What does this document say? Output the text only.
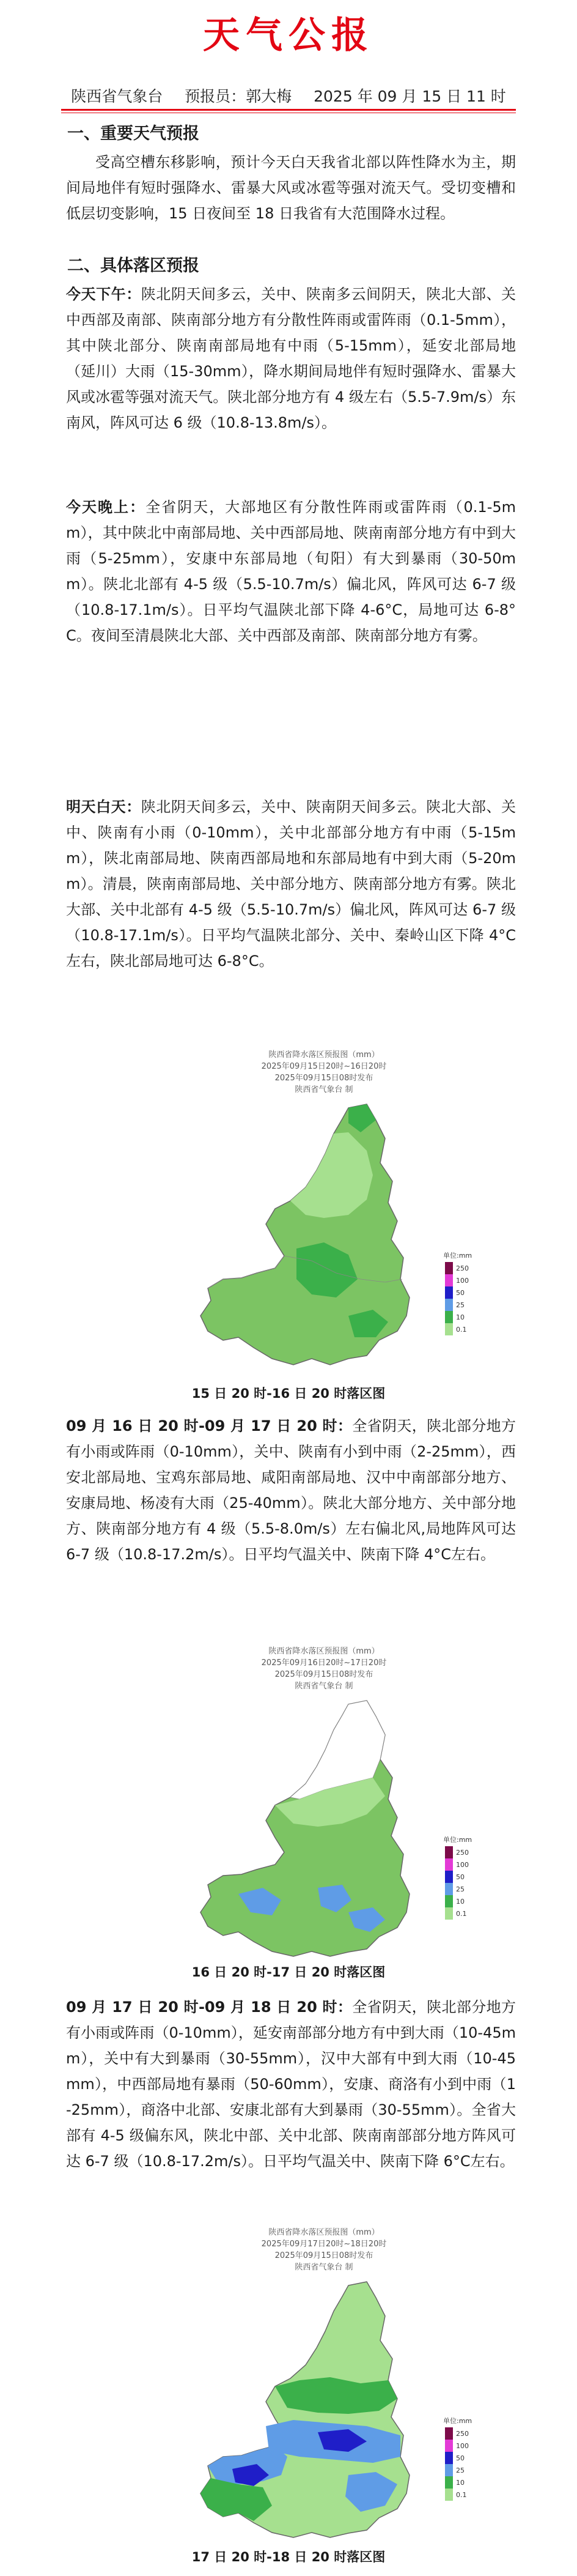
天气公报
陕西省气象台 预报员：郭大梅 2025 年 09 月 15 日 11 时
一、重要天气预报
受高空槽东移影响，预计今天白天我省北部以阵性降水为主，期间局地伴有短时强降水、雷暴大风或冰雹等强对流天气。受切变槽和低层切变影响，15 日夜间至 18 日我省有大范围降水过程。
二、具体落区预报
今天下午：陕北阴天间多云，关中、陕南多云间阴天，陕北大部、关中西部及南部、陕南部分地方有分散性阵雨或雷阵雨（0.1-5mm），其中陕北部分、陕南南部局地有中雨（5-15mm），延安北部局地（延川）大雨（15-30mm），降水期间局地伴有短时强降水、雷暴大风或冰雹等强对流天气。陕北部分地方有 4 级左右（5.5-7.9m/s）东南风，阵风可达 6 级（10.8-13.8m/s）。
今天晚上：全省阴天，大部地区有分散性阵雨或雷阵雨（0.1-5mm），其中陕北中南部局地、关中西部局地、陕南南部分地方有中到大雨（5-25mm），安康中东部局地（旬阳）有大到暴雨（30-50mm）。陕北北部有 4-5 级（5.5-10.7m/s）偏北风，阵风可达 6-7 级（10.8-17.1m/s）。日平均气温陕北部下降 4-6°C，局地可达 6-8°C。夜间至清晨陕北大部、关中西部及南部、陕南部分地方有雾。
明天白天：陕北阴天间多云，关中、陕南阴天间多云。陕北大部、关中、陕南有小雨（0-10mm），关中北部部分地方有中雨（5-15mm），陕北南部局地、陕南西部局地和东部局地有中到大雨（5-20mm）。清晨，陕南南部局地、关中部分地方、陕南部分地方有雾。陕北大部、关中北部有 4-5 级（5.5-10.7m/s）偏北风，阵风可达 6-7 级（10.8-17.1m/s）。日平均气温陕北部分、关中、秦岭山区下降 4°C左右，陕北部局地可达 6-8°C。
陕西省降水落区预报图（mm）
2025年09月15日20时~16日20时
2025年09月15日08时发布
陕西省气象台 制
单位:mm
250
100
50
25
10
0.1
15 日 20 时-16 日 20 时落区图
09 月 16 日 20 时-09 月 17 日 20 时：全省阴天，陕北部分地方有小雨或阵雨（0-10mm），关中、陕南有小到中雨（2-25mm），西安北部局地、宝鸡东部局地、咸阳南部局地、汉中中南部部分地方、安康局地、杨凌有大雨（25-40mm）。陕北大部分地方、关中部分地方、陕南部分地方有 4 级（5.5-8.0m/s）左右偏北风,局地阵风可达 6-7 级（10.8-17.2m/s）。日平均气温关中、陕南下降 4°C左右。
陕西省降水落区预报图（mm）
2025年09月16日20时~17日20时
2025年09月15日08时发布
陕西省气象台 制
单位:mm
250
100
50
25
10
0.1
16 日 20 时-17 日 20 时落区图
09 月 17 日 20 时-09 月 18 日 20 时：全省阴天，陕北部分地方有小雨或阵雨（0-10mm），延安南部部分地方有中到大雨（10-45mm），关中有大到暴雨（30-55mm），汉中大部有中到大雨（10-45mm），中西部局地有暴雨（50-60mm），安康、商洛有小到中雨（1-25mm），商洛中北部、安康北部有大到暴雨（30-55mm）。全省大部有 4-5 级偏东风，陕北中部、关中北部、陕南南部部分地方阵风可达 6-7 级（10.8-17.2m/s）。日平均气温关中、陕南下降 6°C左右。
陕西省降水落区预报图（mm）
2025年09月17日20时~18日20时
2025年09月15日08时发布
陕西省气象台 制
单位:mm
250
100
50
25
10
0.1
17 日 20 时-18 日 20 时落区图
